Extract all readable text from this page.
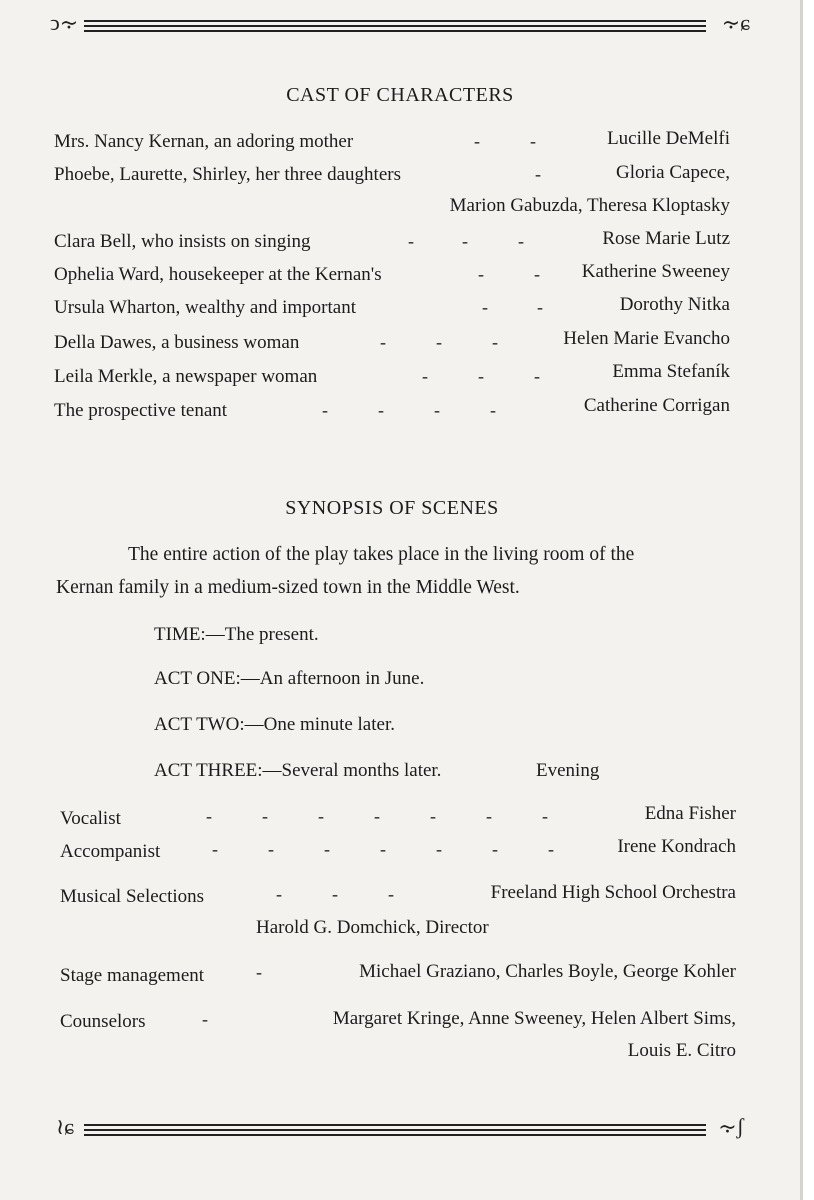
ↄ⸟	⸟ɕ
CAST OF CHARACTERS
Mrs. Nancy Kernan, an adoring mother	-	-	Lucille DeMelfi
Phoebe, Laurette, Shirley, her three daughters	-	Gloria Capece,
Marion Gabuzda, Theresa Kloptasky
Clara Bell, who insists on singing	-	-	-	Rose Marie Lutz
Ophelia Ward, housekeeper at the Kernan's	-	- Katherine Sweeney
Ursula Wharton, wealthy and important	-	-	Dorothy Nitka
Della Dawes, a business woman	-	-	-	Helen Marie Evancho
Leila Merkle, a newspaper woman	-	-	-	Emma Stefaník
The prospective tenant	-	-	-	-	Catherine Corrigan
SYNOPSIS OF SCENES
The entire action of the play takes place in the living room of the
Kernan family in a medium-sized town in the Middle West.
TIME:—The present.
ACT ONE:—An afternoon in June.
ACT TWO:—One minute later.
ACT THREE:—Several months later.	Evening
Vocalist	-	-	-	-	-	-	-	Edna Fisher
Accompanist	-	-	-	-	-	-	-	Irene Kondrach
Musical Selections	-	-	-	Freeland High School Orchestra
Harold G. Domchick, Director
Stage management	-	Michael Graziano, Charles Boyle, George Kohler
Counselors	-	Margaret Kringe, Anne Sweeney, Helen Albert Sims,
Louis E. Citro
≀ɕ	⸟ʃ
